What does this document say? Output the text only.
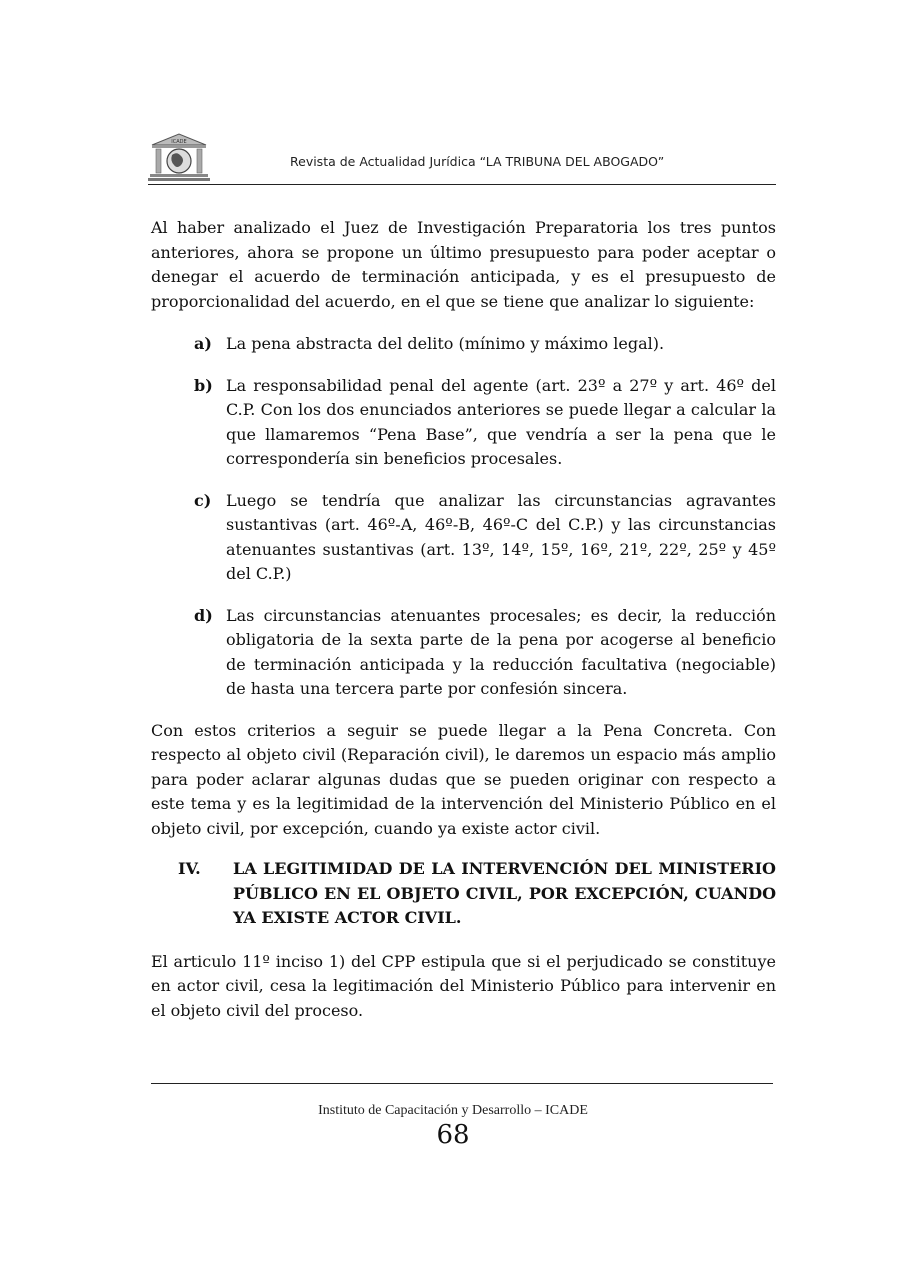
ICADE
Revista de Actualidad Jurídica “LA TRIBUNA DEL ABOGADO”

Al haber analizado el Juez de Investigación Preparatoria los tres puntos anteriores, ahora se propone un último presupuesto para poder aceptar o denegar el acuerdo de terminación anticipada, y es el presupuesto de proporcionalidad del acuerdo, en el que se tiene que analizar lo siguiente:

a) La pena abstracta del delito (mínimo y máximo legal).

b) La responsabilidad penal del agente (art. 23º a 27º y art. 46º del C.P. Con los dos enunciados anteriores se puede llegar a calcular la que llamaremos “Pena Base”, que vendría a ser la pena que le correspondería sin beneficios procesales.

c) Luego se tendría que analizar las circunstancias agravantes sustantivas (art. 46º-A, 46º-B, 46º-C del C.P.) y las circunstancias atenuantes sustantivas (art. 13º, 14º, 15º, 16º, 21º, 22º, 25º y 45º del C.P.)

d) Las circunstancias atenuantes procesales; es decir, la reducción obligatoria de la sexta parte de la pena por acogerse al beneficio de terminación anticipada y la reducción facultativa (negociable) de hasta una tercera parte por confesión sincera.

Con estos criterios a seguir se puede llegar a la Pena Concreta. Con respecto al objeto civil (Reparación civil), le daremos un espacio más amplio para poder aclarar algunas dudas que se pueden originar con respecto a este tema y es la legitimidad de la intervención del Ministerio Público en el objeto civil, por excepción, cuando ya existe actor civil.

IV. LA LEGITIMIDAD DE LA INTERVENCIÓN DEL MINISTERIO PÚBLICO EN EL OBJETO CIVIL, POR EXCEPCIÓN, CUANDO YA EXISTE ACTOR CIVIL.

El articulo 11º inciso 1) del CPP estipula que si el perjudicado se constituye en actor civil, cesa la legitimación del Ministerio Público para intervenir en el objeto civil del proceso.

Instituto de Capacitación y Desarrollo – ICADE
68
